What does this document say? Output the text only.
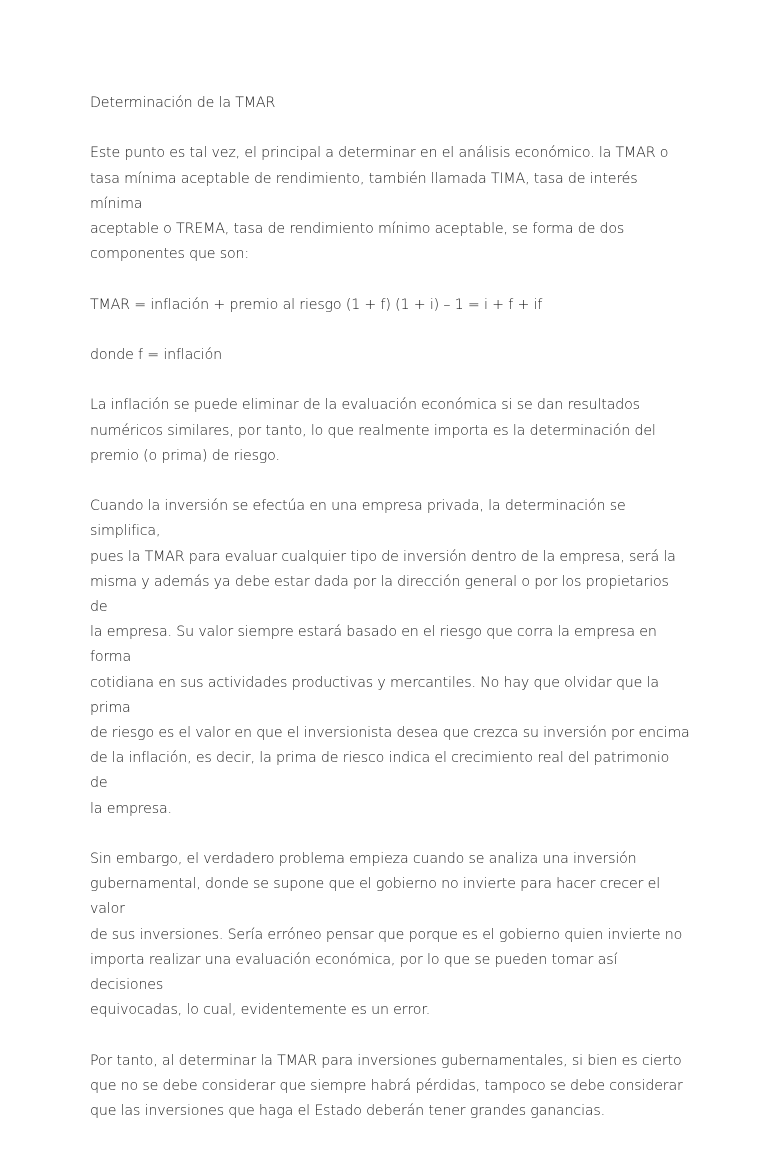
Determinación de la TMAR

Este punto es tal vez, el principal a determinar en el análisis económico. la TMAR o
tasa mínima aceptable de rendimiento, también llamada TIMA, tasa de interés mínima
aceptable o TREMA, tasa de rendimiento mínimo aceptable, se forma de dos
componentes que son:

TMAR = inflación + premio al riesgo (1 + f) (1 + i) – 1 = i + f + if

donde f = inflación

La inflación se puede eliminar de la evaluación económica si se dan resultados
numéricos similares, por tanto, lo que realmente importa es la determinación del
premio (o prima) de riesgo.

Cuando la inversión se efectúa en una empresa privada, la determinación se simplifica,
pues la TMAR para evaluar cualquier tipo de inversión dentro de la empresa, será la
misma y además ya debe estar dada por la dirección general o por los propietarios de
la empresa. Su valor siempre estará basado en el riesgo que corra la empresa en forma
cotidiana en sus actividades productivas y mercantiles. No hay que olvidar que la prima
de riesgo es el valor en que el inversionista desea que crezca su inversión por encima
de la inflación, es decir, la prima de riesco indica el crecimiento real del patrimonio de
la empresa.

Sin embargo, el verdadero problema empieza cuando se analiza una inversión
gubernamental, donde se supone que el gobierno no invierte para hacer crecer el valor
de sus inversiones. Sería erróneo pensar que porque es el gobierno quien invierte no
importa realizar una evaluación económica, por lo que se pueden tomar así decisiones
equivocadas, lo cual, evidentemente es un error.

Por tanto, al determinar la TMAR para inversiones gubernamentales, si bien es cierto
que no se debe considerar que siempre habrá pérdidas, tampoco se debe considerar
que las inversiones que haga el Estado deberán tener grandes ganancias.
